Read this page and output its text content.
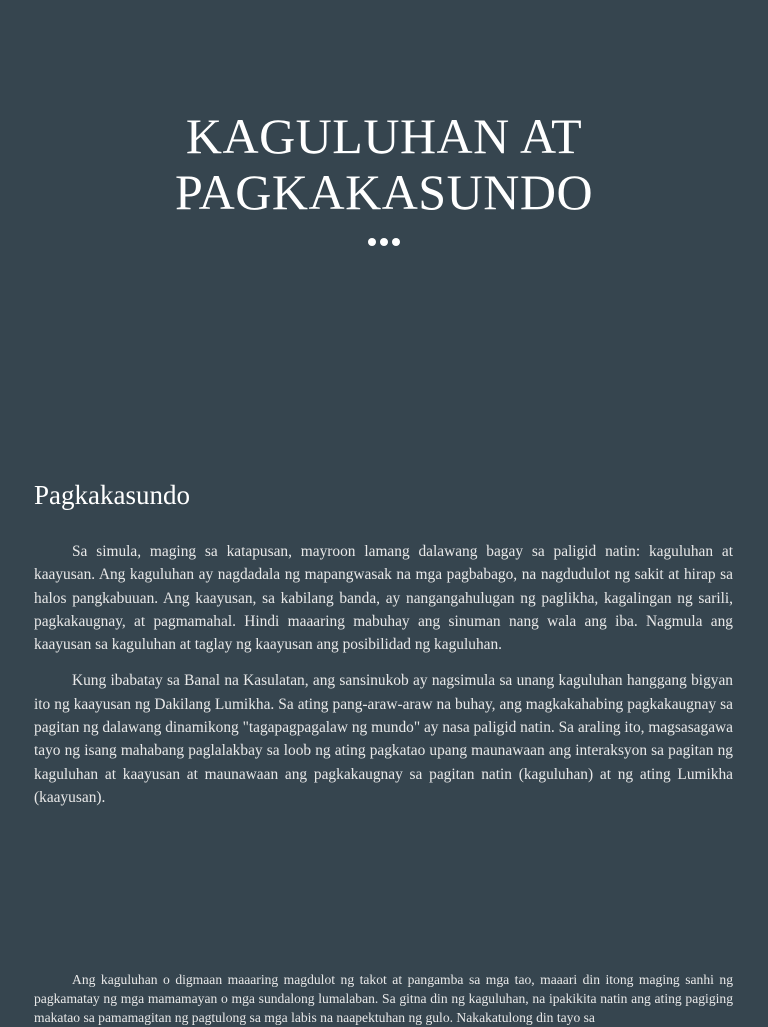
KAGULUHAN AT
PAGKAKASUNDO
Pagkakasundo

Sa simula, maging sa katapusan, mayroon lamang dalawang bagay sa paligid natin: kaguluhan at kaayusan. Ang kaguluhan ay nagdadala ng mapangwasak na mga pagbabago, na nagdudulot ng sakit at hirap sa halos pangkabuuan. Ang kaayusan, sa kabilang banda, ay nangangahulugan ng paglikha, kagalingan ng sarili, pagkakaugnay, at pagmamahal. Hindi maaaring mabuhay ang sinuman nang wala ang iba. Nagmula ang kaayusan sa kaguluhan at taglay ng kaayusan ang posibilidad ng kaguluhan.

Kung ibabatay sa Banal na Kasulatan, ang sansinukob ay nagsimula sa unang kaguluhan hanggang bigyan ito ng kaayusan ng Dakilang Lumikha. Sa ating pang-araw-araw na buhay, ang magkakahabing pagkakaugnay sa pagitan ng dalawang dinamikong "tagapagpagalaw ng mundo" ay nasa paligid natin. Sa araling ito, magsasagawa tayo ng isang mahabang paglalakbay sa loob ng ating pagkatao upang maunawaan ang interaksyon sa pagitan ng kaguluhan at kaayusan at maunawaan ang pagkakaugnay sa pagitan natin (kaguluhan) at ng ating Lumikha (kaayusan).

Ang kaguluhan o digmaan maaaring magdulot ng takot at pangamba sa mga tao, maaari din itong maging sanhi ng pagkamatay ng mga mamamayan o mga sundalong lumalaban. Sa gitna din ng kaguluhan, na ipakikita natin ang ating pagiging makatao sa pamamagitan ng pagtulong sa mga labis na naapektuhan ng gulo. Nakakatulong din tayo sa
